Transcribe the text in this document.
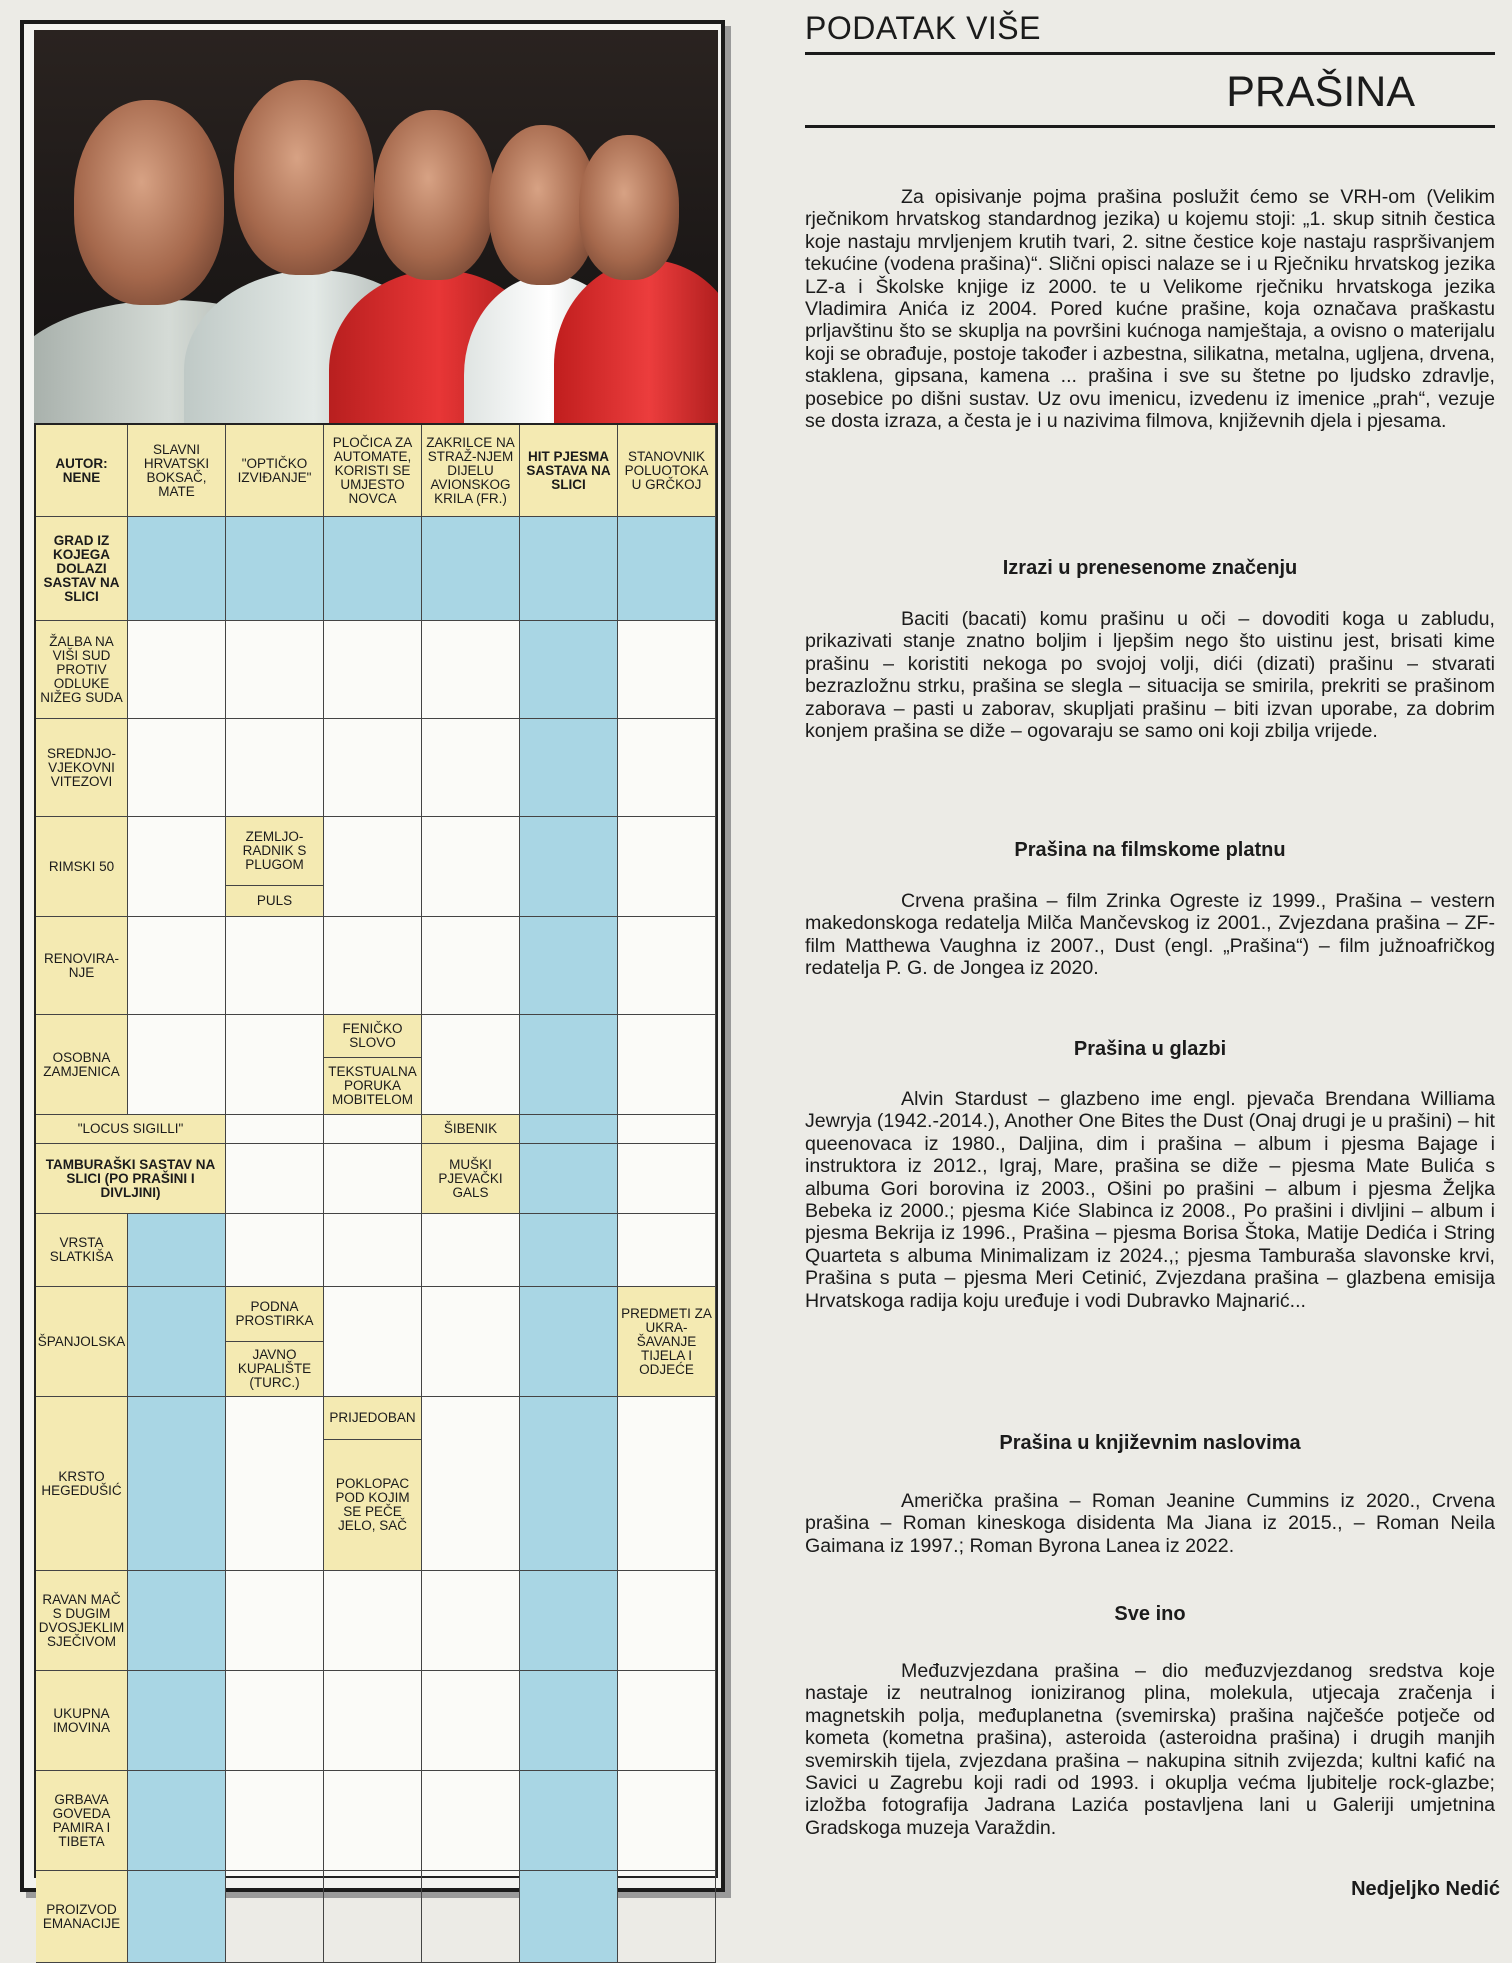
AUTOR: NENE
SLAVNI HRVATSKI BOKSAČ, MATE
"OPTIČKO IZVIĐANJE"
PLOČICA ZA AUTOMATE, KORISTI SE UMJESTO NOVCA
ZAKRILCE NA STRAŽ-NJEM DIJELU AVIONSKOG KRILA (FR.)
HIT PJESMA SASTAVA NA SLICI
STANOVNIK POLUOTOKA U GRČKOJ
GRAD IZ KOJEGA DOLAZI SASTAV NA SLICI
ŽALBA NA VIŠI SUD PROTIV ODLUKE NIŽEG SUDA
SREDNJO-VJEKOVNI VITEZOVI
RIMSKI 50
RENOVIRA-NJE
OSOBNA ZAMJENICA
"LOCUS SIGILLI"
TAMBURAŠKI SASTAV NA SLICI (PO PRAŠINI I DIVLJINI)
VRSTA SLATKIŠA
ŠPANJOLSKA
KRSTO HEGEDUŠIĆ
RAVAN MAČ S DUGIM DVOSJEKLIM SJEČIVOM
UKUPNA IMOVINA
GRBAVA GOVEDA PAMIRA I TIBETA
PROIZVOD EMANACIJE
ZEMLJO-RADNIK S PLUGOM
PULS
PODNA PROSTIRKA
JAVNO KUPALIŠTE (TURC.)
FENIČKO SLOVO
TEKSTUALNA PORUKA MOBITELOM
PRIJEDOBAN
POKLOPAC POD KOJIM SE PEČE JELO, SAČ
ŠIBENIK
MUŠKI PJEVAČKI GALS
PREDMETI ZA UKRA-ŠAVANJE TIJELA I ODJEĆE
PODATAK VIŠE
PRAŠINA

Za opisivanje pojma prašina poslužit ćemo se VRH-om (Velikim rječnikom hrvatskog standardnog jezika) u kojemu stoji: „1. skup sitnih čestica koje nastaju mrvljenjem krutih tvari, 2. sitne čestice koje nastaju raspršivanjem tekućine (vodena prašina)“. Slični opisci nalaze se i u Rječniku hrvatskog jezika LZ-a i Školske knjige iz 2000. te u Velikome rječniku hrvatskoga jezika Vladimira Anića iz 2004. Pored kućne prašine, koja označava praškastu prljavštinu što se skuplja na površini kućnoga namještaja, a ovisno o materijalu koji se obrađuje, postoje također i azbestna, silikatna, metalna, ugljena, drvena, staklena, gipsana, kamena ... prašina i sve su štetne po ljudsko zdravlje, posebice po dišni sustav. Uz ovu imenicu, izvedenu iz imenice „prah“, vezuje se dosta izraza, a česta je i u nazivima filmova, književnih djela i pjesama.

Izrazi u prenesenome značenju

Baciti (bacati) komu prašinu u oči – dovoditi koga u zabludu, prikazivati stanje znatno boljim i ljepšim nego što uistinu jest, brisati kime prašinu – koristiti nekoga po svojoj volji, dići (dizati) prašinu – stvarati bezrazložnu strku, prašina se slegla – situacija se smirila, prekriti se prašinom zaborava – pasti u zaborav, skupljati prašinu – biti izvan uporabe, za dobrim konjem prašina se diže – ogovaraju se samo oni koji zbilja vrijede.

Prašina na filmskome platnu

Crvena prašina – film Zrinka Ogreste iz 1999., Prašina – vestern makedonskoga redatelja Milča Mančevskog iz 2001., Zvjezdana prašina – ZF-film Matthewa Vaughna iz 2007., Dust (engl. „Prašina“) – film južnoafričkog redatelja P. G. de Jongea iz 2020.

Prašina u glazbi

Alvin Stardust – glazbeno ime engl. pjevača Brendana Williama Jewryja (1942.-2014.), Another One Bites the Dust (Onaj drugi je u prašini) – hit queenovaca iz 1980., Daljina, dim i prašina – album i pjesma Bajage i instruktora iz 2012., Igraj, Mare, prašina se diže – pjesma Mate Bulića s albuma Gori borovina iz 2003., Ošini po prašini – album i pjesma Željka Bebeka iz 2000.; pjesma Kiće Slabinca iz 2008., Po prašini i divljini – album i pjesma Bekrija iz 1996., Prašina – pjesma Borisa Štoka, Matije Dedića i String Quarteta s albuma Minimalizam iz 2024.,; pjesma Tamburaša slavonske krvi, Prašina s puta – pjesma Meri Cetinić, Zvjezdana prašina – glazbena emisija Hrvatskoga radija koju uređuje i vodi Dubravko Majnarić...

Prašina u književnim naslovima

Američka prašina – Roman Jeanine Cummins iz 2020., Crvena prašina – Roman kineskoga disidenta Ma Jiana iz 2015., – Roman Neila Gaimana iz 1997.; Roman Byrona Lanea iz 2022.

Sve ino

Međuzvjezdana prašina – dio međuzvjezdanog sredstva koje nastaje iz neutralnog ioniziranog plina, molekula, utjecaja zračenja i magnetskih polja, međuplanetna (svemirska) prašina najčešće potječe od kometa (kometna prašina), asteroida (asteroidna prašina) i drugih manjih svemirskih tijela, zvjezdana prašina – nakupina sitnih zvijezda; kultni kafić na Savici u Zagrebu koji radi od 1993. i okuplja većma ljubitelje rock-glazbe; izložba fotografija Jadrana Lazića postavljena lani u Galeriji umjetnina Gradskoga muzeja Varaždin.

Nedjeljko Nedić
